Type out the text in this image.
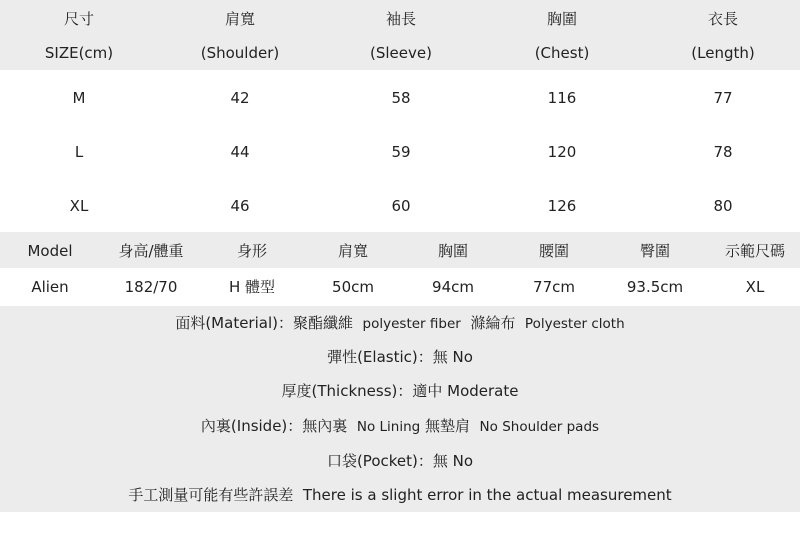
尺寸	肩寬	袖長	胸圍	衣長
SIZE(cm)	(Shoulder)	(Sleeve)	(Chest)	(Length)
M	42	58	116	77
L	44	59	120	78
XL	46	60	126	80
Model	身高/體重	身形	肩寬	胸圍	腰圍	臀圍	示範尺碼
Alien	182/70	H 體型	50cm	94cm	77cm	93.5cm	XL
面料(Material)：聚酯纖維 polyester fiber 滌綸布 Polyester cloth
彈性(Elastic)：無 No
厚度(Thickness)：適中 Moderate
內裏(Inside)：無內裏 No Lining 無墊肩 No Shoulder pads
口袋(Pocket)：無 No
手工測量可能有些許誤差 There is a slight error in the actual measurement
